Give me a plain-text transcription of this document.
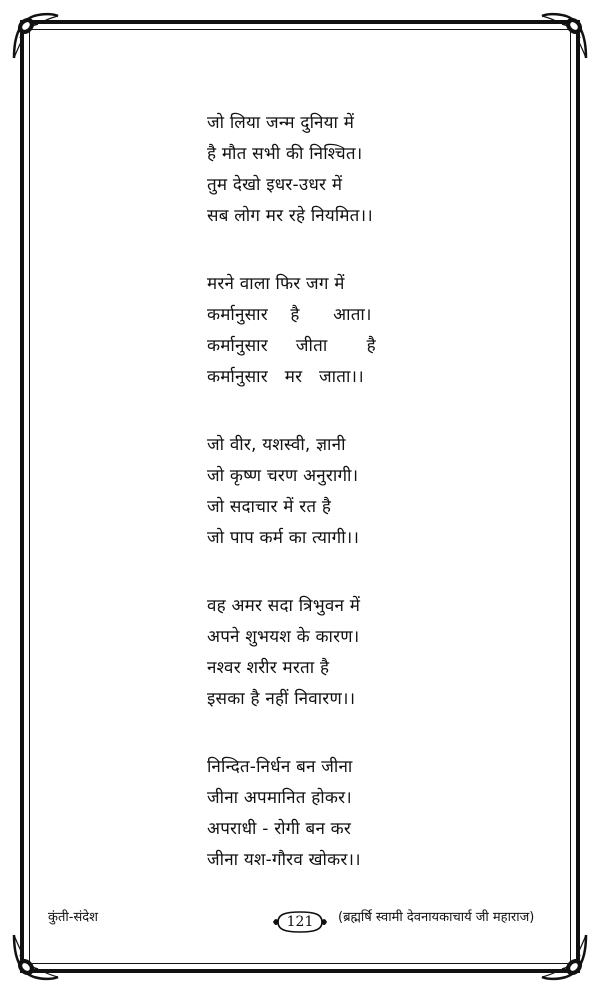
जो लिया जन्म दुनिया में
है मौत सभी की निश्चित।
तुम देखो इधर-उधर में
सब लोग मर रहे नियमित।।
मरने वाला फिर जग में
कर्मानुसार    है      आता।
कर्मानुसार     जीता       है
कर्मानुसार   मर   जाता।।
जो वीर, यशस्वी, ज्ञानी
जो कृष्ण चरण अनुरागी।
जो सदाचार में रत है
जो पाप कर्म का त्यागी।।
वह अमर सदा त्रिभुवन में
अपने शुभयश के कारण।
नश्वर शरीर मरता है
इसका है नहीं निवारण।।
निन्दित-निर्धन बन जीना
जीना अपमानित होकर।
अपराधी - रोगी बन कर
जीना यश-गौरव खोकर।।
कुंती-संदेश	121	(ब्रह्मर्षि स्वामी देवनायकाचार्य जी महाराज)
